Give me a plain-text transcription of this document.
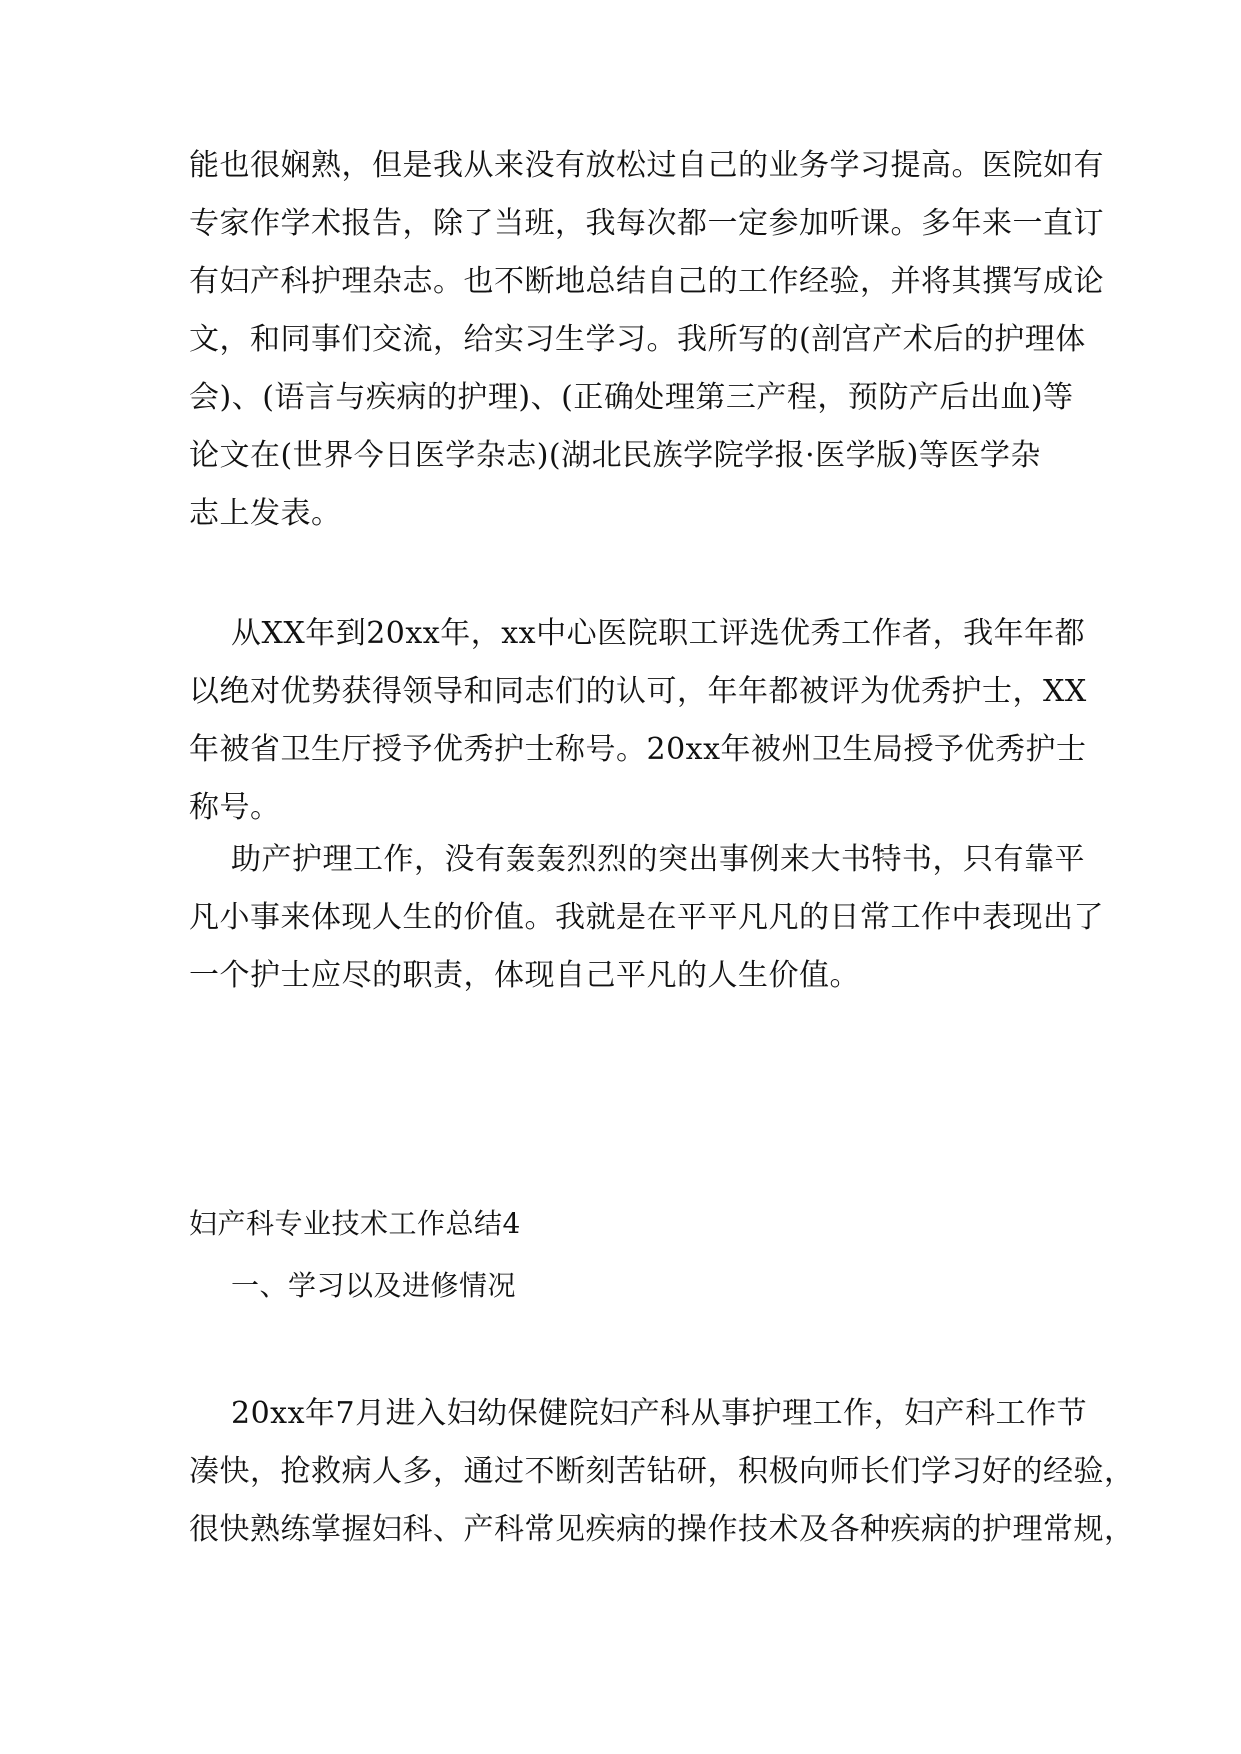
能也很娴熟，但是我从来没有放松过自己的业务学习提高。医院如有
专家作学术报告，除了当班，我每次都一定参加听课。多年来一直订
有妇产科护理杂志。也不断地总结自己的工作经验，并将其撰写成论
文，和同事们交流，给实习生学习。我所写的(剖宫产术后的护理体
会)、(语言与疾病的护理)、(正确处理第三产程，预防产后出血)等
论文在(世界今日医学杂志)(湖北民族学院学报·医学版)等医学杂
志上发表。
从XX年到20xx年，xx中心医院职工评选优秀工作者，我年年都
以绝对优势获得领导和同志们的认可，年年都被评为优秀护士，XX
年被省卫生厅授予优秀护士称号。20xx年被州卫生局授予优秀护士
称号。
助产护理工作，没有轰轰烈烈的突出事例来大书特书，只有靠平
凡小事来体现人生的价值。我就是在平平凡凡的日常工作中表现出了
一个护士应尽的职责，体现自己平凡的人生价值。
妇产科专业技术工作总结4
一、学习以及进修情况
20xx年7月进入妇幼保健院妇产科从事护理工作，妇产科工作节
凑快，抢救病人多，通过不断刻苦钻研，积极向师长们学习好的经验，
很快熟练掌握妇科、产科常见疾病的操作技术及各种疾病的护理常规，
